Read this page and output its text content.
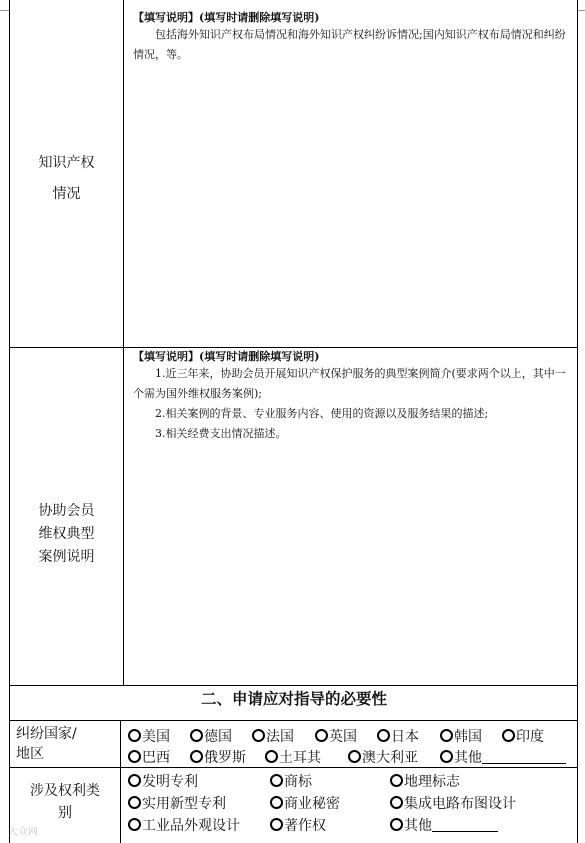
知识产权
情况
【填写说明】(填写时请删除填写说明)

包括海外知识产权布局情况和海外知识产权纠纷诉情况;国内知识产权布局情况和纠纷情况，等。

协助会员
维权典型
案例说明
【填写说明】(填写时请删除填写说明)

1.近三年来，协助会员开展知识产权保护服务的典型案例简介(要求两个以上，其中一个需为国外维权服务案例);

2.相关案例的背景、专业服务内容、使用的资源以及服务结果的描述;

3.相关经费支出情况描述。

二、申请应对指导的必要性
纠纷国家/
地区
美国	德国	法国	英国	日本	韩国	印度
巴西	俄罗斯	土耳其	澳大利亚	其他
涉及权利类
别
发明专利	商标	地理标志
实用新型专利	商业秘密	集成电路布图设计
工业品外观设计	著作权	其他
大众网
